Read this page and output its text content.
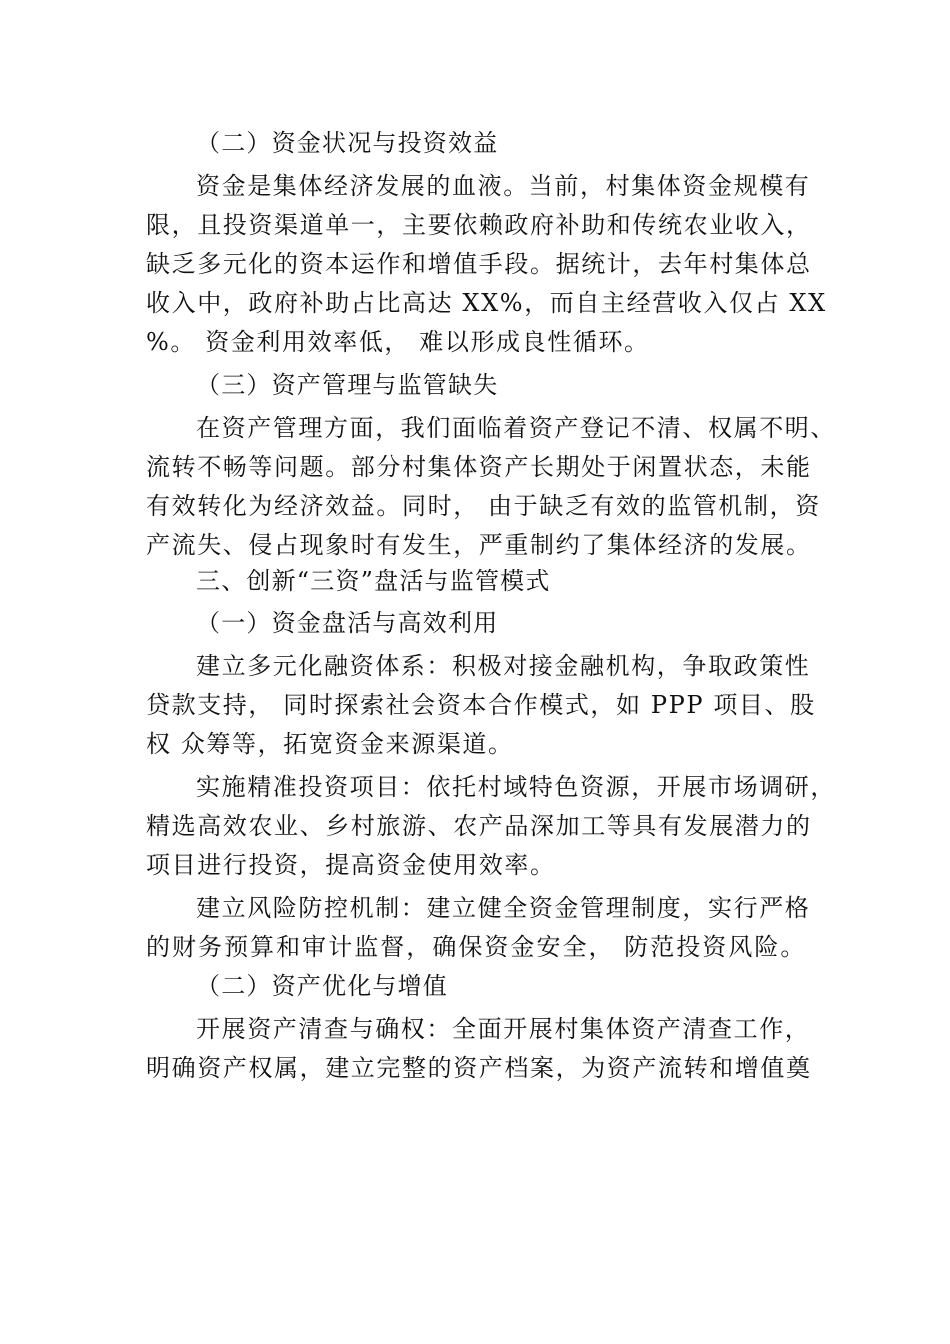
（二）资金状况与投资效益
资金是集体经济发展的血液。当前，村集体资金规模有
限，且投资渠道单一，主要依赖政府补助和传统农业收入，
缺乏多元化的资本运作和增值手段。据统计，去年村集体总
收入中，政府补助占比高达 XX%，而自主经营收入仅占 XX
%。 资金利用效率低， 难以形成良性循环。
（三）资产管理与监管缺失
在资产管理方面，我们面临着资产登记不清、权属不明、
流转不畅等问题。部分村集体资产长期处于闲置状态，未能
有效转化为经济效益。同时， 由于缺乏有效的监管机制，资
产流失、侵占现象时有发生，严重制约了集体经济的发展。
三、创新“三资”盘活与监管模式
（一）资金盘活与高效利用
建立多元化融资体系：积极对接金融机构，争取政策性
贷款支持， 同时探索社会资本合作模式，如 PPP 项目、股
权 众筹等，拓宽资金来源渠道。
实施精准投资项目：依托村域特色资源，开展市场调研，
精选高效农业、乡村旅游、农产品深加工等具有发展潜力的
项目进行投资，提高资金使用效率。
建立风险防控机制：建立健全资金管理制度，实行严格
的财务预算和审计监督，确保资金安全， 防范投资风险。
（二）资产优化与增值
开展资产清查与确权：全面开展村集体资产清查工作，
明确资产权属，建立完整的资产档案，为资产流转和增值奠
